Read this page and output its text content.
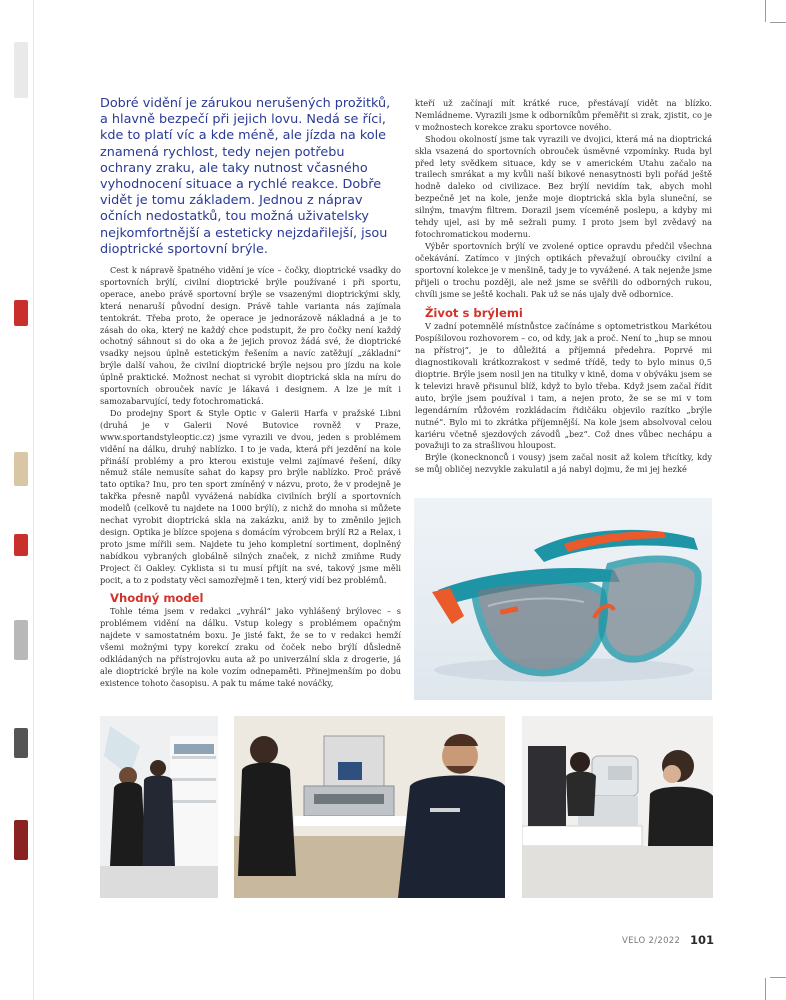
Dobré vidění je zárukou nerušených prožitků, a hlavně bezpečí při jejich lovu. Nedá se říci, kde to platí víc a kde méně, ale jízda na kole znamená rychlost, tedy nejen potřebu ochrany zraku, ale taky nutnost včasného vyhodnocení situace a rychlé reakce. Dobře vidět je tomu základem. Jednou z náprav očních nedostatků, tou možná uživatelsky nejkomfortnější a esteticky nejzdařilejší, jsou dioptrické sportovní brýle.

Cest k nápravě špatného vidění je více – čočky, dioptrické vsadky do sportovních brýlí, civilní dioptrické brýle používané i při sportu, operace, anebo právě sportovní brýle se vsazenými dioptrickými skly, která nenaruší původní design. Právě tahle varianta nás zajímala tentokrát. Třeba proto, že operace je jednorázově nákladná a je to zásah do oka, který ne každý chce podstupit, že pro čočky není každý ochotný sáhnout si do oka a že jejich provoz žádá své, že dioptrické vsadky nejsou úplně estetickým řešením a navíc zatěžují „základní“ brýle další vahou, že civilní dioptrické brýle nejsou pro jízdu na kole úplně praktické. Možnost nechat si vyrobit dioptrická skla na míru do sportovních obrouček navíc je lákavá i designem. A lze je mít i samozabarvující, tedy fotochromatická.

Do prodejny Sport & Style Optic v Galerii Harfa v pražské Libni (druhá je v Galerii Nové Butovice rovněž v Praze, www.sportandstyleoptic.cz) jsme vyrazili ve dvou, jeden s problémem vidění na dálku, druhý nablízko. I to je vada, která při jezdění na kole přináší problémy a pro kterou existuje velmi zajímavé řešení, díky němuž stále nemusíte sahat do kapsy pro brýle nablízko. Proč právě tato optika? Inu, pro ten sport zmíněný v názvu, proto, že v prodejně je takřka přesně napůl vyvážená nabídka civilních brýlí a sportovních modelů (celkově tu najdete na 1000 brýlí), z nichž do mnoha si můžete nechat vyrobit dioptrická skla na zakázku, aniž by to změnilo jejich design. Optika je blízce spojena s domácím výrobcem brýlí R2 a Relax, i proto jsme mířili sem. Najdete tu jeho kompletní sortiment, doplněný nabídkou vybraných globálně silných značek, z nichž zmiňme Rudy Project či Oakley. Cyklista si tu musí přijít na své, takový jsme měli pocit, a to z podstaty věci samozřejmě i ten, který vidí bez problémů.

Vhodný model

Tohle téma jsem v redakci „vyhrál“ jako vyhlášený brýlovec – s problémem vidění na dálku. Vstup kolegy s problémem opačným najdete v samostatném boxu. Je jisté fakt, že se to v redakci hemží všemi možnými typy korekcí zraku od čoček nebo brýlí důsledně odkládaných na přístrojovku auta až po univerzální skla z drogerie, já ale dioptrické brýle na kole vozím odnepaměti. Přinejmenším po dobu existence tohoto časopisu. A pak tu máme také nováčky,

kteří už začínají mít krátké ruce, přestávají vidět na blízko. Nemládneme. Vyrazili jsme k odborníkům přeměřit si zrak, zjistit, co je v možnostech korekce zraku sportovce nového.

Shodou okolností jsme tak vyrazili ve dvojici, která má na dioptrická skla vsazená do sportovních obrouček úsměvné vzpomínky. Ruda byl před lety svědkem situace, kdy se v americkém Utahu začalo na trailech smrákat a my kvůli naší bikové nenasytnosti byli pořád ještě hodně daleko od civilizace. Bez brýlí nevidím tak, abych mohl bezpečně jet na kole, jenže moje dioptrická skla byla sluneční, se silným, tmavým filtrem. Dorazil jsem víceméně poslepu, a kdyby mi tehdy ujel, asi by mě sežrali pumy. I proto jsem byl zvědavý na fotochromatickou modernu.

Výběr sportovních brýlí ve zvolené optice opravdu předčil všechna očekávání. Zatímco v jiných optikách převažují obroučky civilní a sportovní kolekce je v menšině, tady je to vyvážené. A tak nejenže jsme přijeli o trochu později, ale než jsme se svěřili do odborných rukou, chvíli jsme se ještě kochali. Pak už se nás ujaly dvě odbornice.

Život s brýlemi

V zadní potemnělé místnůstce začínáme s optometristkou Markétou Pospíšilovou rozhovorem – co, od kdy, jak a proč. Není to „hup se mnou na přístroj“, je to důležitá a příjemná předehra. Poprvé mi diagnostikovali krátkozrakost v sedmé třídě, tedy to bylo minus 0,5 dioptrie. Brýle jsem nosil jen na titulky v kině, doma v obýváku jsem se k televizi hravě přisunul blíž, když to bylo třeba. Když jsem začal řídit auto, brýle jsem používal i tam, a nejen proto, že se se mi v tom legendárním růžovém rozkládacím řidičáku objevilo razítko „brýle nutné“. Bylo mi to zkrátka příjemnější. Na kole jsem absolvoval celou kariéru včetně sjezdových závodů „bez“. Což dnes vůbec nechápu a považuji to za strašlivou hloupost.

Brýle (konecknonců i vousy) jsem začal nosit až kolem třicítky, kdy se můj obličej nezvykle zakulatil a já nabyl dojmu, že mi jej hezké

VELO 2/2022 101
